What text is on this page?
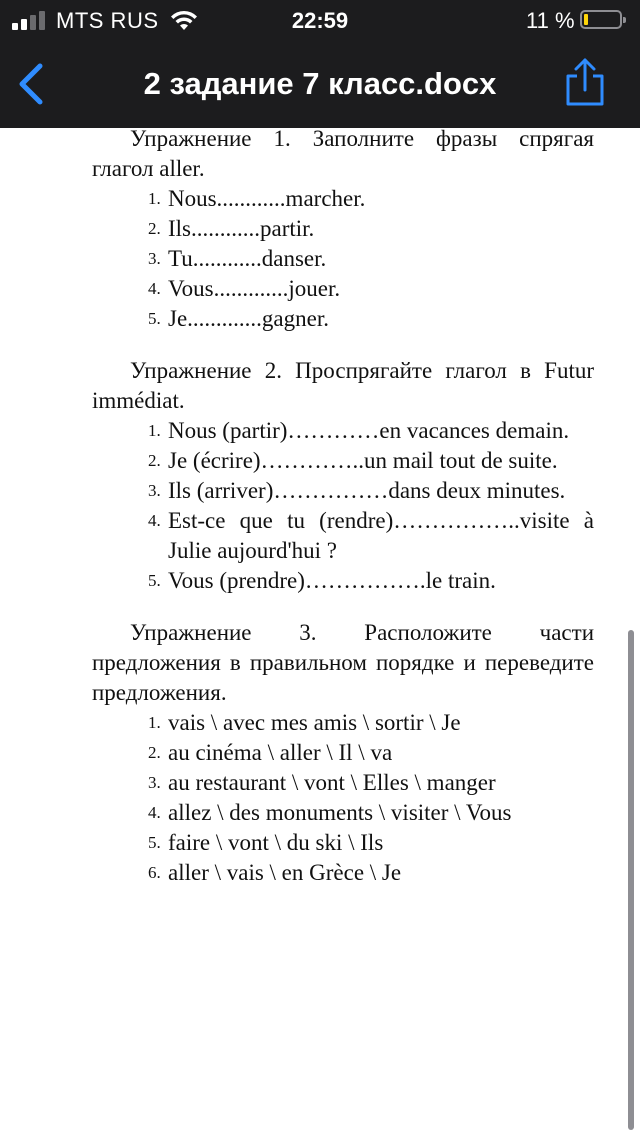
MTS RUS	22:59	11 %
2 задание 7 класс.docx

Упражнение 1. Заполните фразы спрягая глагол aller.

1. Nous............marcher.
2. Ils............partir.
3. Tu............danser.
4. Vous.............jouer.
5. Je.............gagner.

Упражнение 2. Проспрягайте глагол в Futur immédiat.

1. Nous (partir)…………en vacances demain.
2. Je (écrire)…………..un mail tout de suite.
3. Ils (arriver)……………dans deux minutes.
4. Est-ce que tu (rendre)……………..visite à Julie aujourd'hui ?
5. Vous (prendre)…………….le train.

Упражнение 3. Расположите части предложения в правильном порядке и переведите предложения.

1. vais \ avec mes amis \ sortir \ Je
2. au cinéma \ aller \ Il \ va
3. au restaurant \ vont \ Elles \ manger
4. allez \ des monuments \ visiter \ Vous
5. faire \ vont \ du ski \ Ils
6. aller \ vais \ en Grèce \ Je
